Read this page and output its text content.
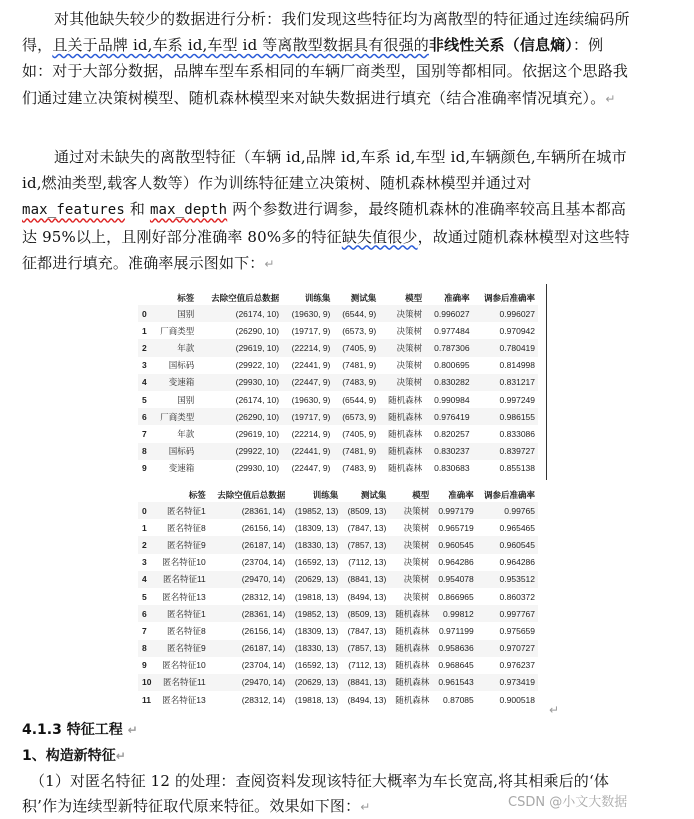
对其他缺失较少的数据进行分析：我们发现这些特征均为离散型的特征通过连续编码所得，且关于品牌 id,车系 id,车型 id 等离散型数据具有很强的非线性关系（信息熵）：例如：对于大部分数据，品牌车型车系相同的车辆厂商类型，国别等都相同。依据这个思路我们通过建立决策树模型、随机森林模型来对缺失数据进行填充（结合准确率情况填充）。↵

通过对未缺失的离散型特征（车辆 id,品牌 id,车系 id,车型 id,车辆颜色,车辆所在城市 id,燃油类型,载客人数等）作为训练特征建立决策树、随机森林模型并通过对 max_features 和 max_depth 两个参数进行调参，最终随机森林的准确率较高且基本都高达 95%以上，且刚好部分准确率 80%多的特征缺失值很少，故通过随机森林模型对这些特征都进行填充。准确率展示图如下：↵

	标签	去除空值后总数据	训练集	测试集	模型	准确率	调参后准确率
0	国别	(26174, 10)	(19630, 9)	(6544, 9)	决策树	0.996027	0.996027
1	厂商类型	(26290, 10)	(19717, 9)	(6573, 9)	决策树	0.977484	0.970942
2	年款	(29619, 10)	(22214, 9)	(7405, 9)	决策树	0.787306	0.780419
3	国标码	(29922, 10)	(22441, 9)	(7481, 9)	决策树	0.800695	0.814998
4	变速箱	(29930, 10)	(22447, 9)	(7483, 9)	决策树	0.830282	0.831217
5	国别	(26174, 10)	(19630, 9)	(6544, 9)	随机森林	0.990984	0.997249
6	厂商类型	(26290, 10)	(19717, 9)	(6573, 9)	随机森林	0.976419	0.986155
7	年款	(29619, 10)	(22214, 9)	(7405, 9)	随机森林	0.820257	0.833086
8	国标码	(29922, 10)	(22441, 9)	(7481, 9)	随机森林	0.830237	0.839727
9	变速箱	(29930, 10)	(22447, 9)	(7483, 9)	随机森林	0.830683	0.855138
	标签	去除空值后总数据	训练集	测试集	模型	准确率	调参后准确率
0	匿名特征1	(28361, 14)	(19852, 13)	(8509, 13)	决策树	0.997179	0.99765
1	匿名特征8	(26156, 14)	(18309, 13)	(7847, 13)	决策树	0.965719	0.965465
2	匿名特征9	(26187, 14)	(18330, 13)	(7857, 13)	决策树	0.960545	0.960545
3	匿名特征10	(23704, 14)	(16592, 13)	(7112, 13)	决策树	0.964286	0.964286
4	匿名特征11	(29470, 14)	(20629, 13)	(8841, 13)	决策树	0.954078	0.953512
5	匿名特征13	(28312, 14)	(19818, 13)	(8494, 13)	决策树	0.866965	0.860372
6	匿名特征1	(28361, 14)	(19852, 13)	(8509, 13)	随机森林	0.99812	0.997767
7	匿名特征8	(26156, 14)	(18309, 13)	(7847, 13)	随机森林	0.971199	0.975659
8	匿名特征9	(26187, 14)	(18330, 13)	(7857, 13)	随机森林	0.958636	0.970727
9	匿名特征10	(23704, 14)	(16592, 13)	(7112, 13)	随机森林	0.968645	0.976237
10	匿名特征11	(29470, 14)	(20629, 13)	(8841, 13)	随机森林	0.961543	0.973419
11	匿名特征13	(28312, 14)	(19818, 13)	(8494, 13)	随机森林	0.87085	0.900518
↵
4.1.3 特征工程 ↵
1、构造新特征↵

（1）对匿名特征 12 的处理：查阅资料发现该特征大概率为车长宽高,将其相乘后的‘体积’作为连续型新特征取代原来特征。效果如下图：↵	CSDN @小文大数据
